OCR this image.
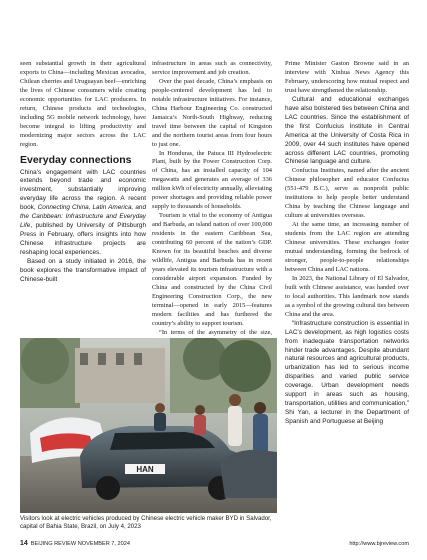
seen substantial growth in their agricultural exports to China—including Mexican avocados, Chilean cherries and Uruguayan beef—enriching the lives of Chinese consumers while creating economic opportunities for LAC producers. In return, Chinese products and technologies, including 5G mobile network technology, have become integral to lifting productivity and modernizing major sectors across the LAC region.

Everyday connections

China’s engagement with LAC countries extends beyond trade and economic investment, substantially improving everyday life across the region. A recent book, Connecting China, Latin America, and the Caribbean: Infrastructure and Everyday Life, published by University of Pittsburgh Press in February, offers insights into how Chinese infrastructure projects are reshaping local experiences.

Based on a study initiated in 2016, the book explores the transformative impact of Chinese-built

infrastructure in areas such as connectivity, service improvement and job creation.

Over the past decade, China’s emphasis on people-centered development has led to notable infrastructure initiatives. For instance, China Harbour Engineering Co. constructed Jamaica’s North-South Highway, reducing travel time between the capital of Kingston and the northern tourist areas from four hours to just one.

In Honduras, the Patuca III Hydroelectric Plant, built by the Power Construction Corp. of China, has an installed capacity of 104 megawatts and generates an average of 336 million kWh of electricity annually, alleviating power shortages and providing reliable power supply to thousands of households.

Tourism is vital to the economy of Antigua and Barbuda, an island nation of over 100,000 residents in the eastern Caribbean Sea, contributing 60 percent of the nation’s GDP. Known for its beautiful beaches and diverse wildlife, Antigua and Barbuda has in recent years elevated its tourism infrastructure with a considerable airport expansion. Funded by China and constructed by the China Civil Engineering Construction Corp., the new terminal—opened in early 2015—features modern facilities and has furthered the country’s ability to support tourism.

“In terms of the asymmetry of the size,

Prime Minister Gaston Browne said in an interview with Xinhua News Agency this February, underscoring how mutual respect and trust have strengthened the relationship.

Cultural and educational exchanges have also bolstered ties between China and LAC countries. Since the establishment of the first Confucius Institute in Central America at the University of Costa Rica in 2009, over 44 such institutes have opened across different LAC countries, promoting Chinese language and culture.

Confucius Institutes, named after the ancient Chinese philosopher and educator Confucius (551-479 B.C.), serve as nonprofit public institutions to help people better understand China by teaching the Chinese language and culture at universities overseas.

At the same time, an increasing number of students from the LAC region are attending Chinese universities. These exchanges foster mutual understanding, forming the bedrock of stronger, people-to-people relationships between China and LAC nations.

In 2023, the National Library of El Salvador, built with Chinese assistance, was handed over to local authorities. This landmark now stands as a symbol of the growing cultural ties between China and the area.

“Infrastructure construction is essential in LAC’s development, as high logistics costs from inadequate transportation networks hinder trade advantages. Despite abundant natural resources and agricultural products, urbanization has led to serious income disparities and varied public service coverage. Urban development needs support in areas such as housing, transportation, utilities and communication,” Shi Yan, a lecturer in the Department of Spanish and Portuguese at Beijing

HAN
Visitors look at electric vehicles produced by Chinese electric vehicle maker BYD in Salvador, capital of Bahia State, Brazil, on July 4, 2023
14 BEIJING REVIEW NOVEMBER 7, 2024	http://www.bjreview.com
